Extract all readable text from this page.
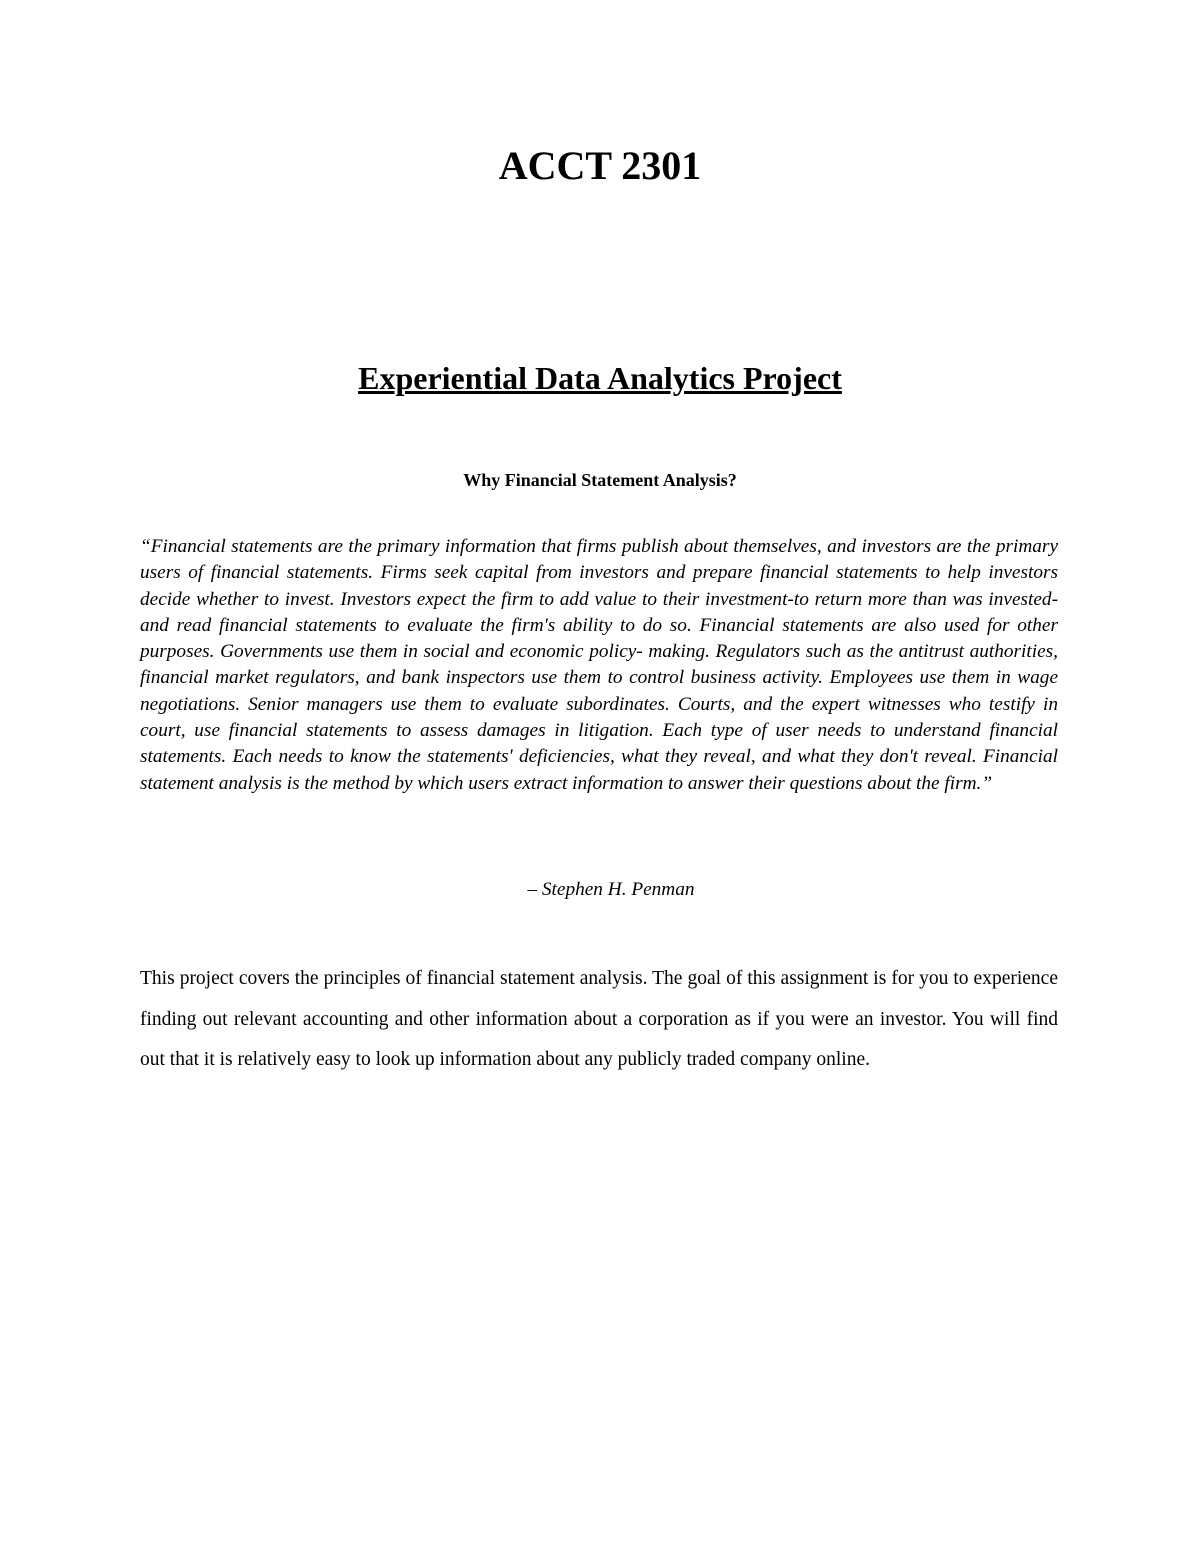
ACCT 2301
Experiential Data Analytics Project
Why Financial Statement Analysis?

“Financial statements are the primary information that firms publish about themselves, and investors are the primary users of financial statements. Firms seek capital from investors and prepare financial statements to help investors decide whether to invest. Investors expect the firm to add value to their investment-to return more than was invested- and read financial statements to evaluate the firm's ability to do so. Financial statements are also used for other purposes. Governments use them in social and economic policy- making. Regulators such as the antitrust authorities, financial market regulators, and bank inspectors use them to control business activity. Employees use them in wage negotiations. Senior managers use them to evaluate subordinates. Courts, and the expert witnesses who testify in court, use financial statements to assess damages in litigation. Each type of user needs to understand financial statements. Each needs to know the statements' deficiencies, what they reveal, and what they don't reveal. Financial statement analysis is the method by which users extract information to answer their questions about the firm.”

– Stephen H. Penman

This project covers the principles of financial statement analysis. The goal of this assignment is for you to experience finding out relevant accounting and other information about a corporation as if you were an investor. You will find out that it is relatively easy to look up information about any publicly traded company online.
